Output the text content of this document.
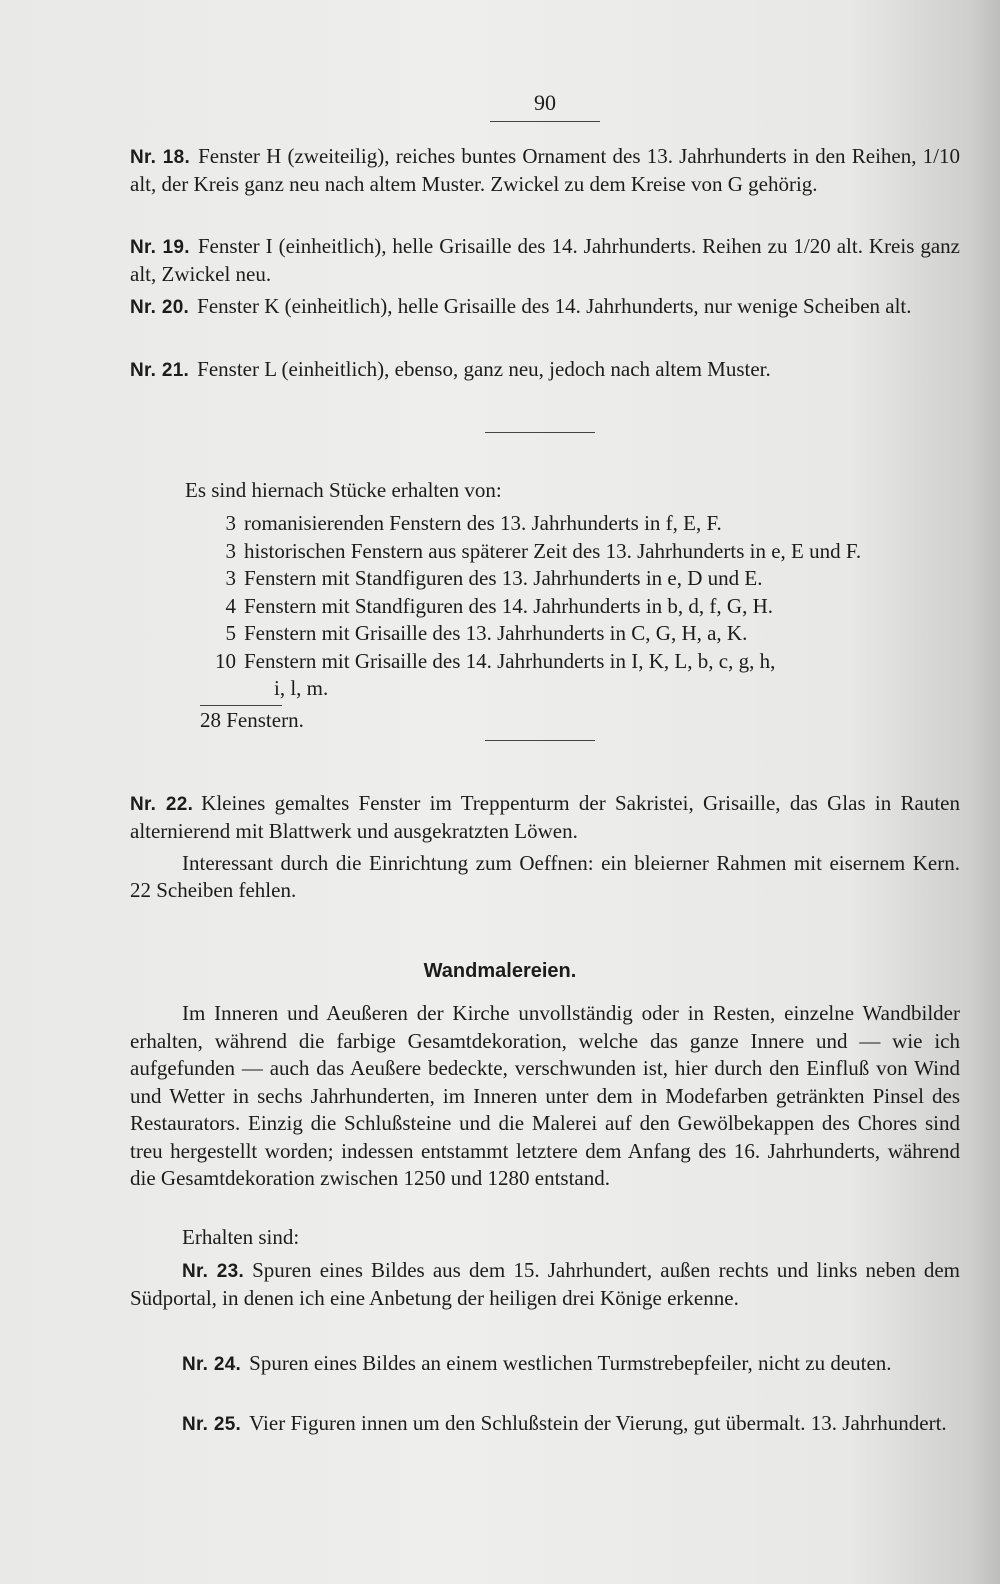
90
Nr. 18. Fenster H (zweiteilig), reiches buntes Ornament des 13. Jahrhunderts in den Reihen, 1/10 alt, der Kreis ganz neu nach altem Muster. Zwickel zu dem Kreise von G gehörig.
Nr. 19. Fenster I (einheitlich), helle Grisaille des 14. Jahrhunderts. Reihen zu 1/20 alt. Kreis ganz alt, Zwickel neu.
Nr. 20. Fenster K (einheitlich), helle Grisaille des 14. Jahrhunderts, nur wenige Scheiben alt.
Nr. 21. Fenster L (einheitlich), ebenso, ganz neu, jedoch nach altem Muster.
Es sind hiernach Stücke erhalten von:
3 romanisierenden Fenstern des 13. Jahrhunderts in f, E, F.
3 historischen Fenstern aus späterer Zeit des 13. Jahrhunderts in e, E und F.
3 Fenstern mit Standfiguren des 13. Jahrhunderts in e, D und E.
4 Fenstern mit Standfiguren des 14. Jahrhunderts in b, d, f, G, H.
5 Fenstern mit Grisaille des 13. Jahrhunderts in C, G, H, a, K.
10 Fenstern mit Grisaille des 14. Jahrhunderts in I, K, L, b, c, g, h,
i, l, m.
28 Fenstern.
Nr. 22. Kleines gemaltes Fenster im Treppenturm der Sakristei, Grisaille, das Glas in Rauten alternierend mit Blattwerk und ausgekratzten Löwen.
Interessant durch die Einrichtung zum Oeffnen: ein bleierner Rahmen mit eisernem Kern. 22 Scheiben fehlen.
Wandmalereien.
Im Inneren und Aeußeren der Kirche unvollständig oder in Resten, einzelne Wandbilder erhalten, während die farbige Gesamtdekoration, welche das ganze Innere und — wie ich aufgefunden — auch das Aeußere bedeckte, verschwunden ist, hier durch den Einfluß von Wind und Wetter in sechs Jahrhunderten, im Inneren unter dem in Modefarben getränkten Pinsel des Restaurators. Einzig die Schlußsteine und die Malerei auf den Gewölbekappen des Chores sind treu hergestellt worden; indessen entstammt letztere dem Anfang des 16. Jahrhunderts, während die Gesamtdekoration zwischen 1250 und 1280 entstand.
Erhalten sind:
Nr. 23. Spuren eines Bildes aus dem 15. Jahrhundert, außen rechts und links neben dem Südportal, in denen ich eine Anbetung der heiligen drei Könige erkenne.
Nr. 24. Spuren eines Bildes an einem westlichen Turmstrebepfeiler, nicht zu deuten.
Nr. 25. Vier Figuren innen um den Schlußstein der Vierung, gut übermalt. 13. Jahrhundert.
